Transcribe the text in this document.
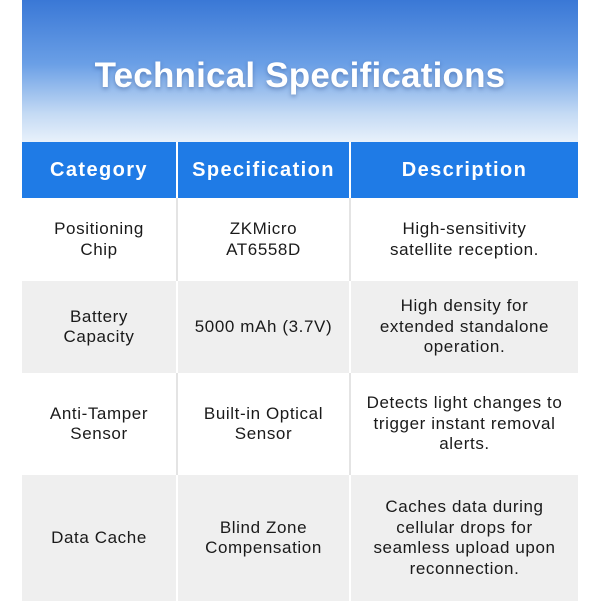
Technical Specifications
Category Specification	Description
Positioning Chip
ZKMicro AT6558D
High-sensitivity satellite reception.
Battery Capacity
5000 mAh (3.7V)
High density for extended standalone operation.
Anti-Tamper Sensor
Built-in Optical Sensor
Detects light changes to trigger instant removal alerts.
Data Cache
Blind Zone Compensation
Caches data during cellular drops for seamless upload upon reconnection.
